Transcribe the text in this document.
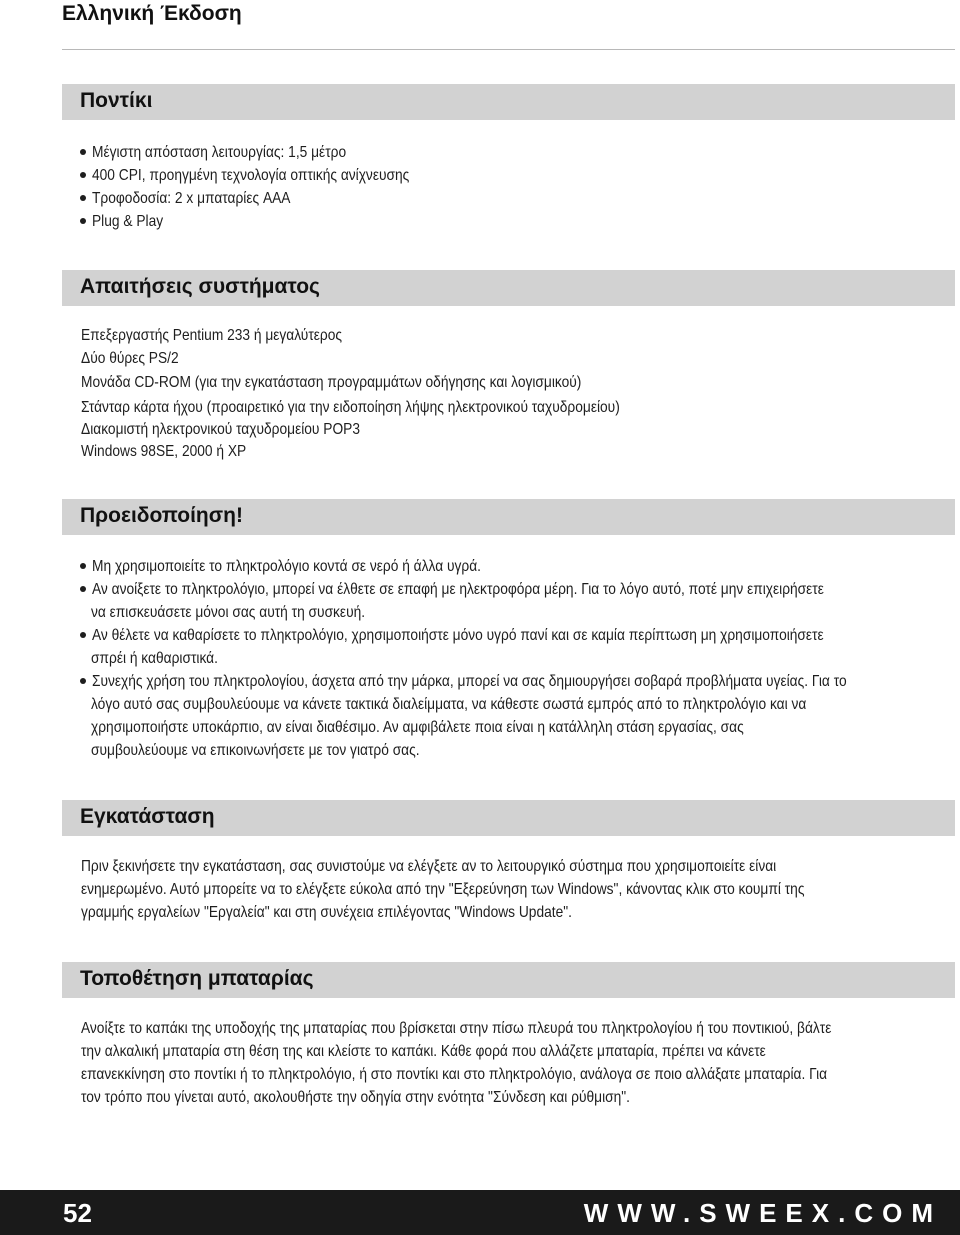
Ελληνική Έκδοση
Ποντίκι
Μέγιστη απόσταση λειτουργίας: 1,5 μέτρο
400 CPI, προηγμένη τεχνολογία οπτικής ανίχνευσης
Τροφοδοσία: 2 x μπαταρίες AAA
Plug & Play
Απαιτήσεις συστήματος
Επεξεργαστής Pentium 233 ή μεγαλύτερος
Δύο θύρες PS/2
Μονάδα CD-ROM (για την εγκατάσταση προγραμμάτων οδήγησης και λογισμικού)
Στάνταρ κάρτα ήχου (προαιρετικό για την ειδοποίηση λήψης ηλεκτρονικού ταχυδρομείου)
Διακομιστή ηλεκτρονικού ταχυδρομείου POP3
Windows 98SE, 2000 ή XP
Προειδοποίηση!
Μη χρησιμοποιείτε το πληκτρολόγιο κοντά σε νερό ή άλλα υγρά.
Αν ανοίξετε το πληκτρολόγιο, μπορεί να έλθετε σε επαφή με ηλεκτροφόρα μέρη. Για το λόγο αυτό, ποτέ μην επιχειρήσετε
να επισκευάσετε μόνοι σας αυτή τη συσκευή.
Αν θέλετε να καθαρίσετε το πληκτρολόγιο, χρησιμοποιήστε μόνο υγρό πανί και σε καμία περίπτωση μη χρησιμοποιήσετε
σπρέι ή καθαριστικά.
Συνεχής χρήση του πληκτρολογίου, άσχετα από την μάρκα, μπορεί να σας δημιουργήσει σοβαρά προβλήματα υγείας. Για το
λόγο αυτό σας συμβουλεύουμε να κάνετε τακτικά διαλείμματα, να κάθεστε σωστά εμπρός από το πληκτρολόγιο και να
χρησιμοποιήστε υποκάρπιο, αν είναι διαθέσιμο. Αν αμφιβάλετε ποια είναι η κατάλληλη στάση εργασίας, σας
συμβουλεύουμε να επικοινωνήσετε με τον γιατρό σας.
Εγκατάσταση
Πριν ξεκινήσετε την εγκατάσταση, σας συνιστούμε να ελέγξετε αν το λειτουργικό σύστημα που χρησιμοποιείτε είναι
ενημερωμένο. Αυτό μπορείτε να το ελέγξετε εύκολα από την "Εξερεύνηση των Windows", κάνοντας κλικ στο κουμπί της
γραμμής εργαλείων "Εργαλεία" και στη συνέχεια επιλέγοντας "Windows Update".
Τοποθέτηση μπαταρίας
Ανοίξτε το καπάκι της υποδοχής της μπαταρίας που βρίσκεται στην πίσω πλευρά του πληκτρολογίου ή του ποντικιού, βάλτε
την αλκαλική μπαταρία στη θέση της και κλείστε το καπάκι. Κάθε φορά που αλλάζετε μπαταρία, πρέπει να κάνετε
επανεκκίνηση στο ποντίκι ή το πληκτρολόγιο, ή στο ποντίκι και στο πληκτρολόγιο, ανάλογα σε ποιο αλλάξατε μπαταρία. Για
τον τρόπο που γίνεται αυτό, ακολουθήστε την οδηγία στην ενότητα "Σύνδεση και ρύθμιση".
52	WWW.SWEEX.COM
